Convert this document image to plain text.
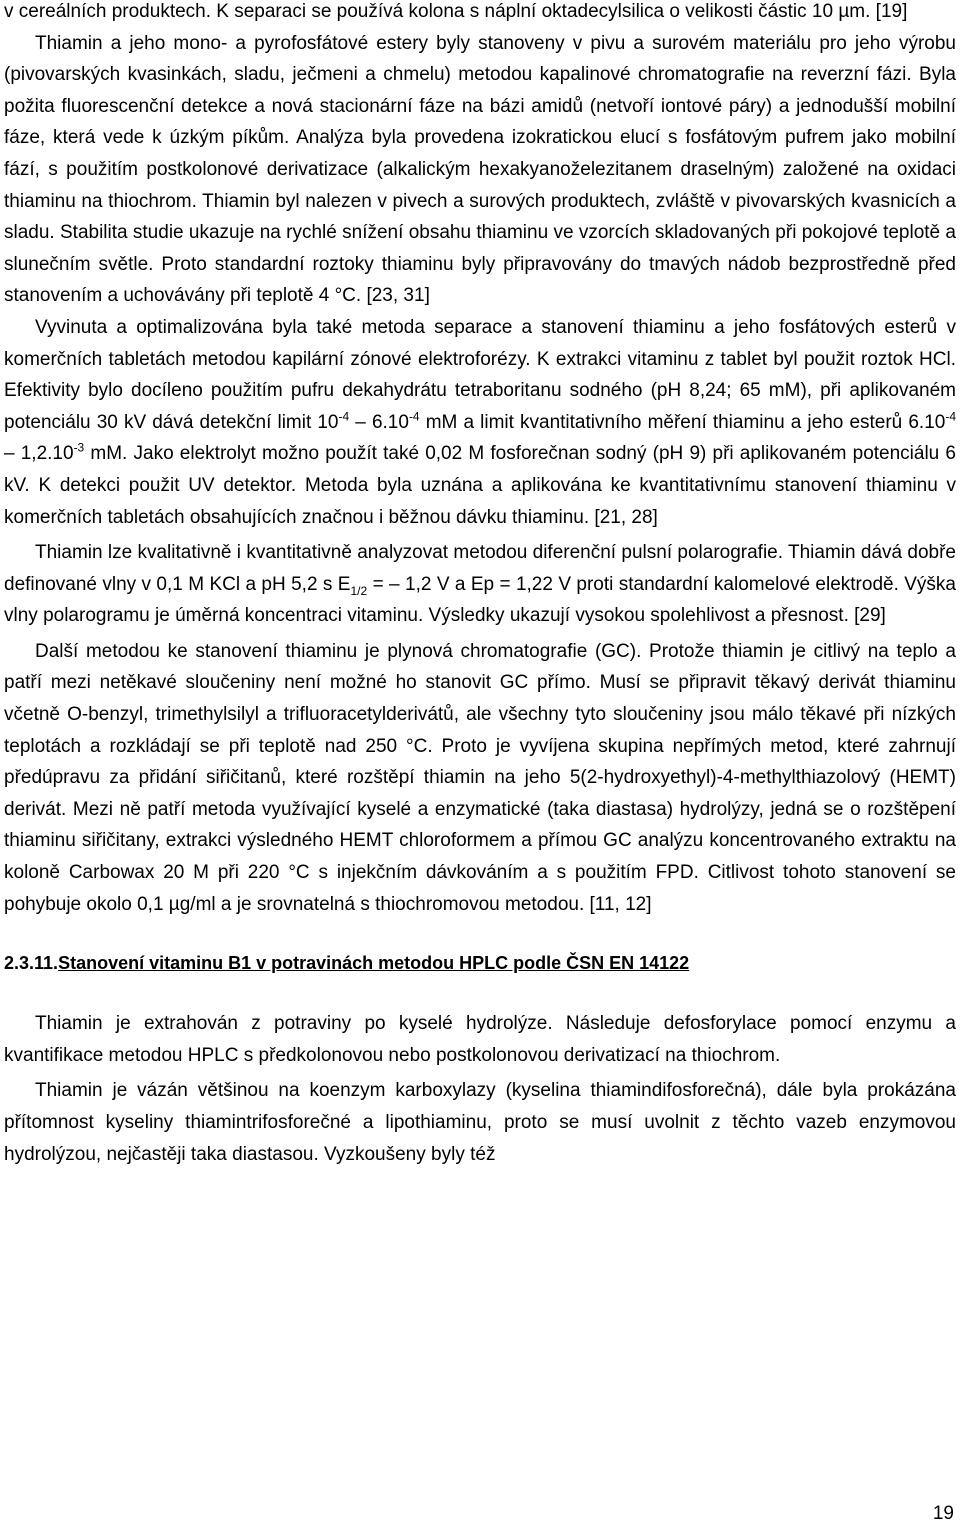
v cereálních produktech. K separaci se používá kolona s náplní oktadecylsilica o velikosti částic 10 µm. [19]

Thiamin a jeho mono- a pyrofosfátové estery byly stanoveny v pivu a surovém materiálu pro jeho výrobu (pivovarských kvasinkách, sladu, ječmeni a chmelu) metodou kapalinové chromatografie na reverzní fázi. Byla požita fluorescenční detekce a nová stacionární fáze na bázi amidů (netvoří iontové páry) a jednodušší mobilní fáze, která vede k úzkým píkům. Analýza byla provedena izokratickou elucí s fosfátovým pufrem jako mobilní fází, s použitím postkolonové derivatizace (alkalickým hexakyanoželezitanem draselným) založené na oxidaci thiaminu na thiochrom. Thiamin byl nalezen v pivech a surových produktech, zvláště v pivovarských kvasnicích a sladu. Stabilita studie ukazuje na rychlé snížení obsahu thiaminu ve vzorcích skladovaných při pokojové teplotě a slunečním světle. Proto standardní roztoky thiaminu byly připravovány do tmavých nádob bezprostředně před stanovením a uchovávány při teplotě 4 °C. [23, 31]

Vyvinuta a optimalizována byla také metoda separace a stanovení thiaminu a jeho fosfátových esterů v komerčních tabletách metodou kapilární zónové elektroforézy. K extrakci vitaminu z tablet byl použit roztok HCl. Efektivity bylo docíleno použitím pufru dekahydrátu tetraboritanu sodného (pH 8,24; 65 mM), při aplikovaném potenciálu 30 kV dává detekční limit $10^{-4} - 6.10^{-4}$ mM a limit kvantitativního měření thiaminu a jeho esterů $6.10^{-4} - 1,2.10^{-3}$ mM. Jako elektrolyt možno použít také 0,02 M fosforečnan sodný (pH 9) při aplikovaném potenciálu 6 kV. K detekci použit UV detektor. Metoda byla uznána a aplikována ke kvantitativnímu stanovení thiaminu v komerčních tabletách obsahujících značnou i běžnou dávku thiaminu. [21, 28]

Thiamin lze kvalitativně i kvantitativně analyzovat metodou diferenční pulsní polarografie. Thiamin dává dobře definované vlny v 0,1 M KCl a pH 5,2 s $E_{1/2}$ = – 1,2 V a Ep = 1,22 V proti standardní kalomelové elektrodě. Výška vlny polarogramu je úměrná koncentraci vitaminu. Výsledky ukazují vysokou spolehlivost a přesnost. [29]

Další metodou ke stanovení thiaminu je plynová chromatografie (GC). Protože thiamin je citlivý na teplo a patří mezi netěkavé sloučeniny není možné ho stanovit GC přímo. Musí se připravit těkavý derivát thiaminu včetně O-benzyl, trimethylsilyl a trifluoracetylderivátů, ale všechny tyto sloučeniny jsou málo těkavé při nízkých teplotách a rozkládají se při teplotě nad 250 °C. Proto je vyvíjena skupina nepřímých metod, které zahrnují předúpravu za přidání siřičitanů, které rozštěpí thiamin na jeho 5(2-hydroxyethyl)-4-methylthiazolový (HEMT) derivát. Mezi ně patří metoda využívající kyselé a enzymatické (taka diastasa) hydrolýzy, jedná se o rozštěpení thiaminu siřičitany, extrakci výsledného HEMT chloroformem a přímou GC analýzu koncentrovaného extraktu na koloně Carbowax 20 M při 220 °C s injekčním dávkováním a s použitím FPD. Citlivost tohoto stanovení se pohybuje okolo 0,1 µg/ml a je srovnatelná s thiochromovou metodou. [11, 12]

2.3.11.Stanovení vitaminu B1 v potravinách metodou HPLC podle ČSN EN 14122

Thiamin je extrahován z potraviny po kyselé hydrolýze. Následuje defosforylace pomocí enzymu a kvantifikace metodou HPLC s předkolonovou nebo postkolonovou derivatizací na thiochrom.

Thiamin je vázán většinou na koenzym karboxylazy (kyselina thiamindifosforečná), dále byla prokázána přítomnost kyseliny thiamintrifosforečné a lipothiaminu, proto se musí uvolnit z těchto vazeb enzymovou hydrolýzou, nejčastěji taka diastasou. Vyzkoušeny byly též

19
